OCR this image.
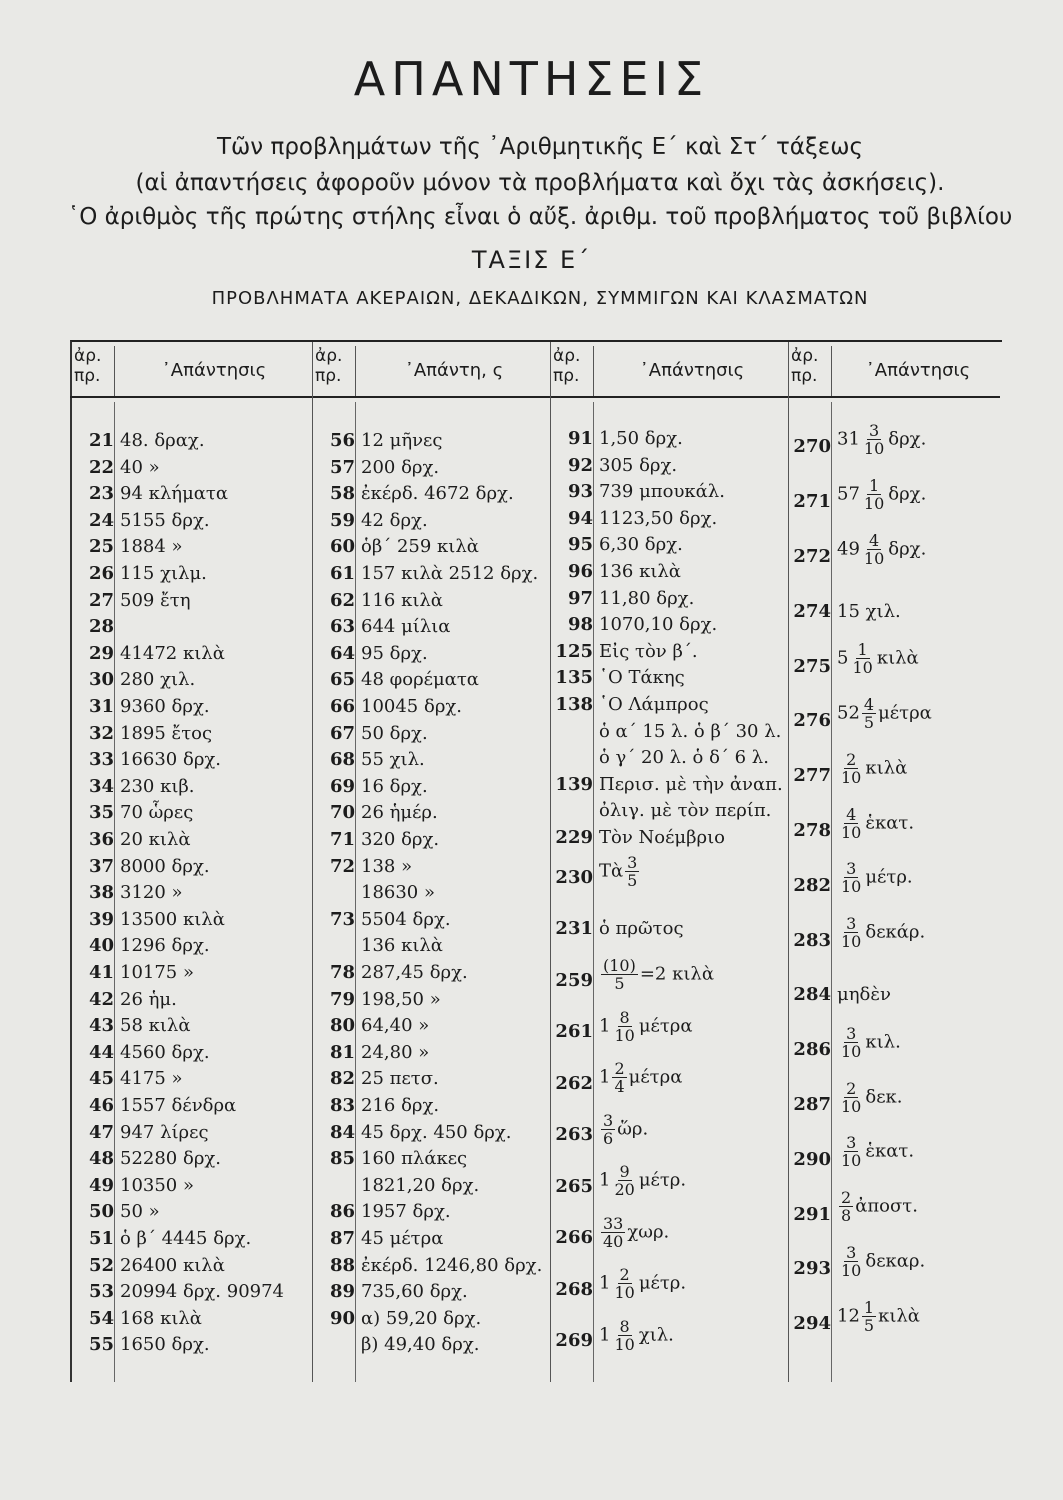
ΑΠΑΝΤΗΣΕΙΣ
Τῶν προβλημάτων τῆς ᾿Αριθμητικῆς Ε΄ καὶ Στ΄ τάξεως
(αἱ ἀπαντήσεις ἀφοροῦν μόνον τὰ προβλήματα καὶ ὄχι τὰς ἀσκήσεις).
῾Ο ἀριθμὸς τῆς πρώτης στήλης εἶναι ὁ αὔξ. ἀριθμ. τοῦ προβλήματος τοῦ βιβλίου
ΤΑΞΙΣ Ε΄
ΠΡΟΒΛΗΜΑΤΑ ΑΚΕΡΑΙΩΝ, ΔΕΚΑΔΙΚΩΝ, ΣΥΜΜΙΓΩΝ ΚΑΙ ΚΛΑΣΜΑΤΩΝ
ἀρ. πρ.	᾿Απάντησις
21 48. δραχ.
22 40 »
23 94 κλήματα
24 5155 δρχ.
25 1884 »
26 115 χιλμ.
27 509 ἔτη
28
29 41472 κιλὰ
30 280 χιλ.
31 9360 δρχ.
32 1895 ἔτος
33 16630 δρχ.
34 230 κιβ.
35 70 ὧρες
36 20 κιλὰ
37 8000 δρχ.
38 3120 »
39 13500 κιλὰ
40 1296 δρχ.
41 10175 »
42 26 ἡμ.
43 58 κιλὰ
44 4560 δρχ.
45 4175 »
46 1557 δένδρα
47 947 λίρες
48 52280 δρχ.
49 10350 »
50 50 »
51 ὁ β΄ 4445 δρχ.
52 26400 κιλὰ
53 20994 δρχ. 90974
54 168 κιλὰ
55 1650 δρχ.
ἀρ. πρ.	᾿Απάντη, ς
56 12 μῆνες
57 200 δρχ.
58 ἐκέρδ. 4672 δρχ.
59 42 δρχ.
60 ὁβ΄ 259 κιλὰ
61 157 κιλὰ 2512 δρχ.
62 116 κιλὰ
63 644 μίλια
64 95 δρχ.
65 48 φορέματα
66 10045 δρχ.
67 50 δρχ.
68 55 χιλ.
69 16 δρχ.
70 26 ἡμέρ.
71 320 δρχ.
72 138 »
18630 »
73 5504 δρχ.
136 κιλὰ
78 287,45 δρχ.
79 198,50 »
80 64,40 »
81 24,80 »
82 25 πετσ.
83 216 δρχ.
84 45 δρχ. 450 δρχ.
85 160 πλάκες
1821,20 δρχ.
86 1957 δρχ.
87 45 μέτρα
88 ἐκέρδ. 1246,80 δρχ.
89 735,60 δρχ.
90 α) 59,20 δρχ.
β) 49,40 δρχ.
ἀρ. πρ.	᾿Απάντησις
91 1,50 δρχ.
92 305 δρχ.
93 739 μπουκάλ.
94 1123,50 δρχ.
95 6,30 δρχ.
96 136 κιλὰ
97 11,80 δρχ.
98 1070,10 δρχ.
125 Εἰς τὸν β΄.
135 ῾Ο Τάκης
138 ῾Ο Λάμπρος
ὁ α΄ 15 λ. ὁ β΄ 30 λ.
ὁ γ΄ 20 λ. ὁ δ΄ 6 λ.
139 Περισ. μὲ τὴν ἀναπ.
ὀλιγ. μὲ τὸν περίπ.
229 Τὸν Νοέμβριο
230 Τὰ $\frac{3}{5}$
231 ὁ πρῶτος
$259 \frac{(10)}{5} =2$ κιλὰ
261 $1 \frac{8}{10}$ μέτρα
262 $1 \frac{2}{4}$ μέτρα
$263 \frac{3}{6}$ ὥρ.
265 $1 \frac{9}{20} \mu έ\tau\rho$.
$266 \frac{33}{40} \chi\omega\rho$.
268 $1 \frac{2}{10} \mu έ\tau\rho$.
269 $1 \frac{8}{10} \chi\iota\lambda$.
ἀρ. πρ.	᾿Απάντησις
270 $31 \frac{3}{10} \delta\rho\chi$.
271 $57 \frac{1}{10} \delta\rho\chi$.
272 $49 \frac{4}{10} \delta\rho\chi$.
274 15 χιλ.
275 $5 \frac{1}{10}$ κιλὰ
276 $52 \frac{4}{5}$ μέτρα
$277 \frac{2}{10}$ κιλὰ
$278 \frac{4}{10}$ ἑκατ.
$282 \frac{3}{10} \mu έ\tau\rho$.
$283 \frac{3}{10} \delta\varepsilon\kappa ά\rho$.
284 μηδὲν
$286 \frac{3}{10} \kappa\iota\lambda$.
$287 \frac{2}{10} \delta\varepsilon\kappa$.
$290 \frac{3}{10}$ ἑκατ.
$291 \frac{2}{8}$ ἀποστ.
$293 \frac{3}{10} \delta\varepsilon\kappa\alpha\rho$.
294 $12 \frac{1}{5}$ κιλὰ
